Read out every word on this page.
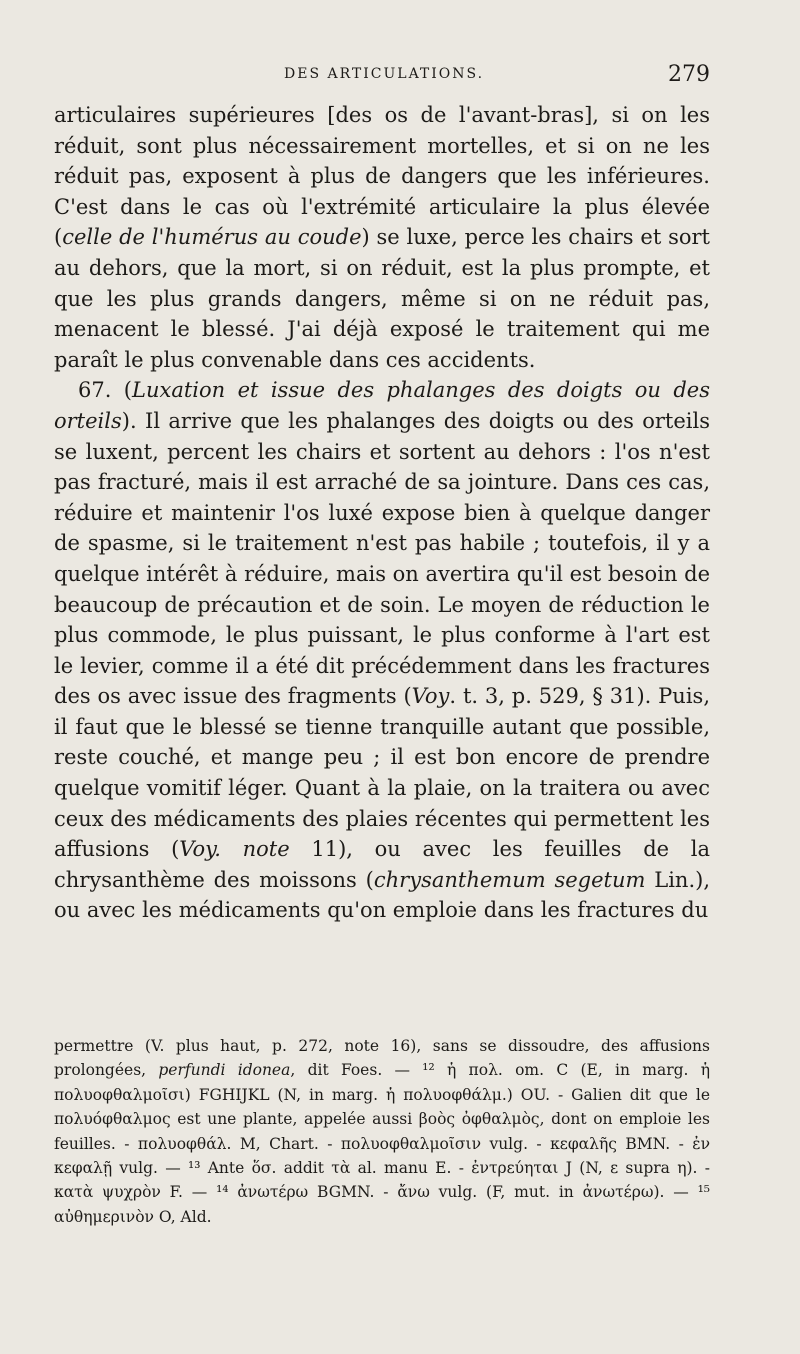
DES ARTICULATIONS.	279

articulaires supérieures [des os de l'avant-bras], si on les réduit, sont plus nécessairement mortelles, et si on ne les réduit pas, exposent à plus de dangers que les inférieures. C'est dans le cas où l'extrémité articulaire la plus élevée (celle de l'humérus au coude) se luxe, perce les chairs et sort au dehors, que la mort, si on réduit, est la plus prompte, et que les plus grands dangers, même si on ne réduit pas, menacent le blessé. J'ai déjà exposé le traitement qui me paraît le plus convenable dans ces accidents.

67. (Luxation et issue des phalanges des doigts ou des orteils). Il arrive que les phalanges des doigts ou des orteils se luxent, percent les chairs et sortent au dehors : l'os n'est pas fracturé, mais il est arraché de sa jointure. Dans ces cas, réduire et maintenir l'os luxé expose bien à quelque danger de spasme, si le traitement n'est pas habile ; toutefois, il y a quelque intérêt à réduire, mais on avertira qu'il est besoin de beaucoup de précaution et de soin. Le moyen de réduction le plus commode, le plus puissant, le plus conforme à l'art est le levier, comme il a été dit précédemment dans les fractures des os avec issue des fragments (Voy. t. 3, p. 529, § 31). Puis, il faut que le blessé se tienne tranquille autant que possible, reste couché, et mange peu ; il est bon encore de prendre quelque vomitif léger. Quant à la plaie, on la traitera ou avec ceux des médicaments des plaies récentes qui permettent les affusions (Voy. note 11), ou avec les feuilles de la chrysanthème des moissons (chrysanthemum segetum Lin.), ou avec les médicaments qu'on emploie dans les fractures du

permettre (V. plus haut, p. 272, note 16), sans se dissoudre, des affusions prolongées, perfundi idonea, dit Foes. — ¹² ἡ πολ. om. C (E, in marg. ἡ πολυοφθαλμοῖσι) FGHIJKL (N, in marg. ἡ πολυοφθάλμ.) OU. - Galien dit que le πολυόφθαλμος est une plante, appelée aussi βοὸς ὀφθαλμὸς, dont on emploie les feuilles. - πολυοφθάλ. M, Chart. - πολυοφθαλμοῖσιν vulg. - κεφαλῆς BMN. - ἐν κεφαλῇ vulg. — ¹³ Ante ὅσ. addit τὰ al. manu E. - ἐντρεύηται J (N, ε supra η). - κατὰ ψυχρὸν F. — ¹⁴ ἀνωτέρω BGMN. - ἄνω vulg. (F, mut. in ἀνωτέρω). — ¹⁵ αὐθημερινὸν O, Ald.
